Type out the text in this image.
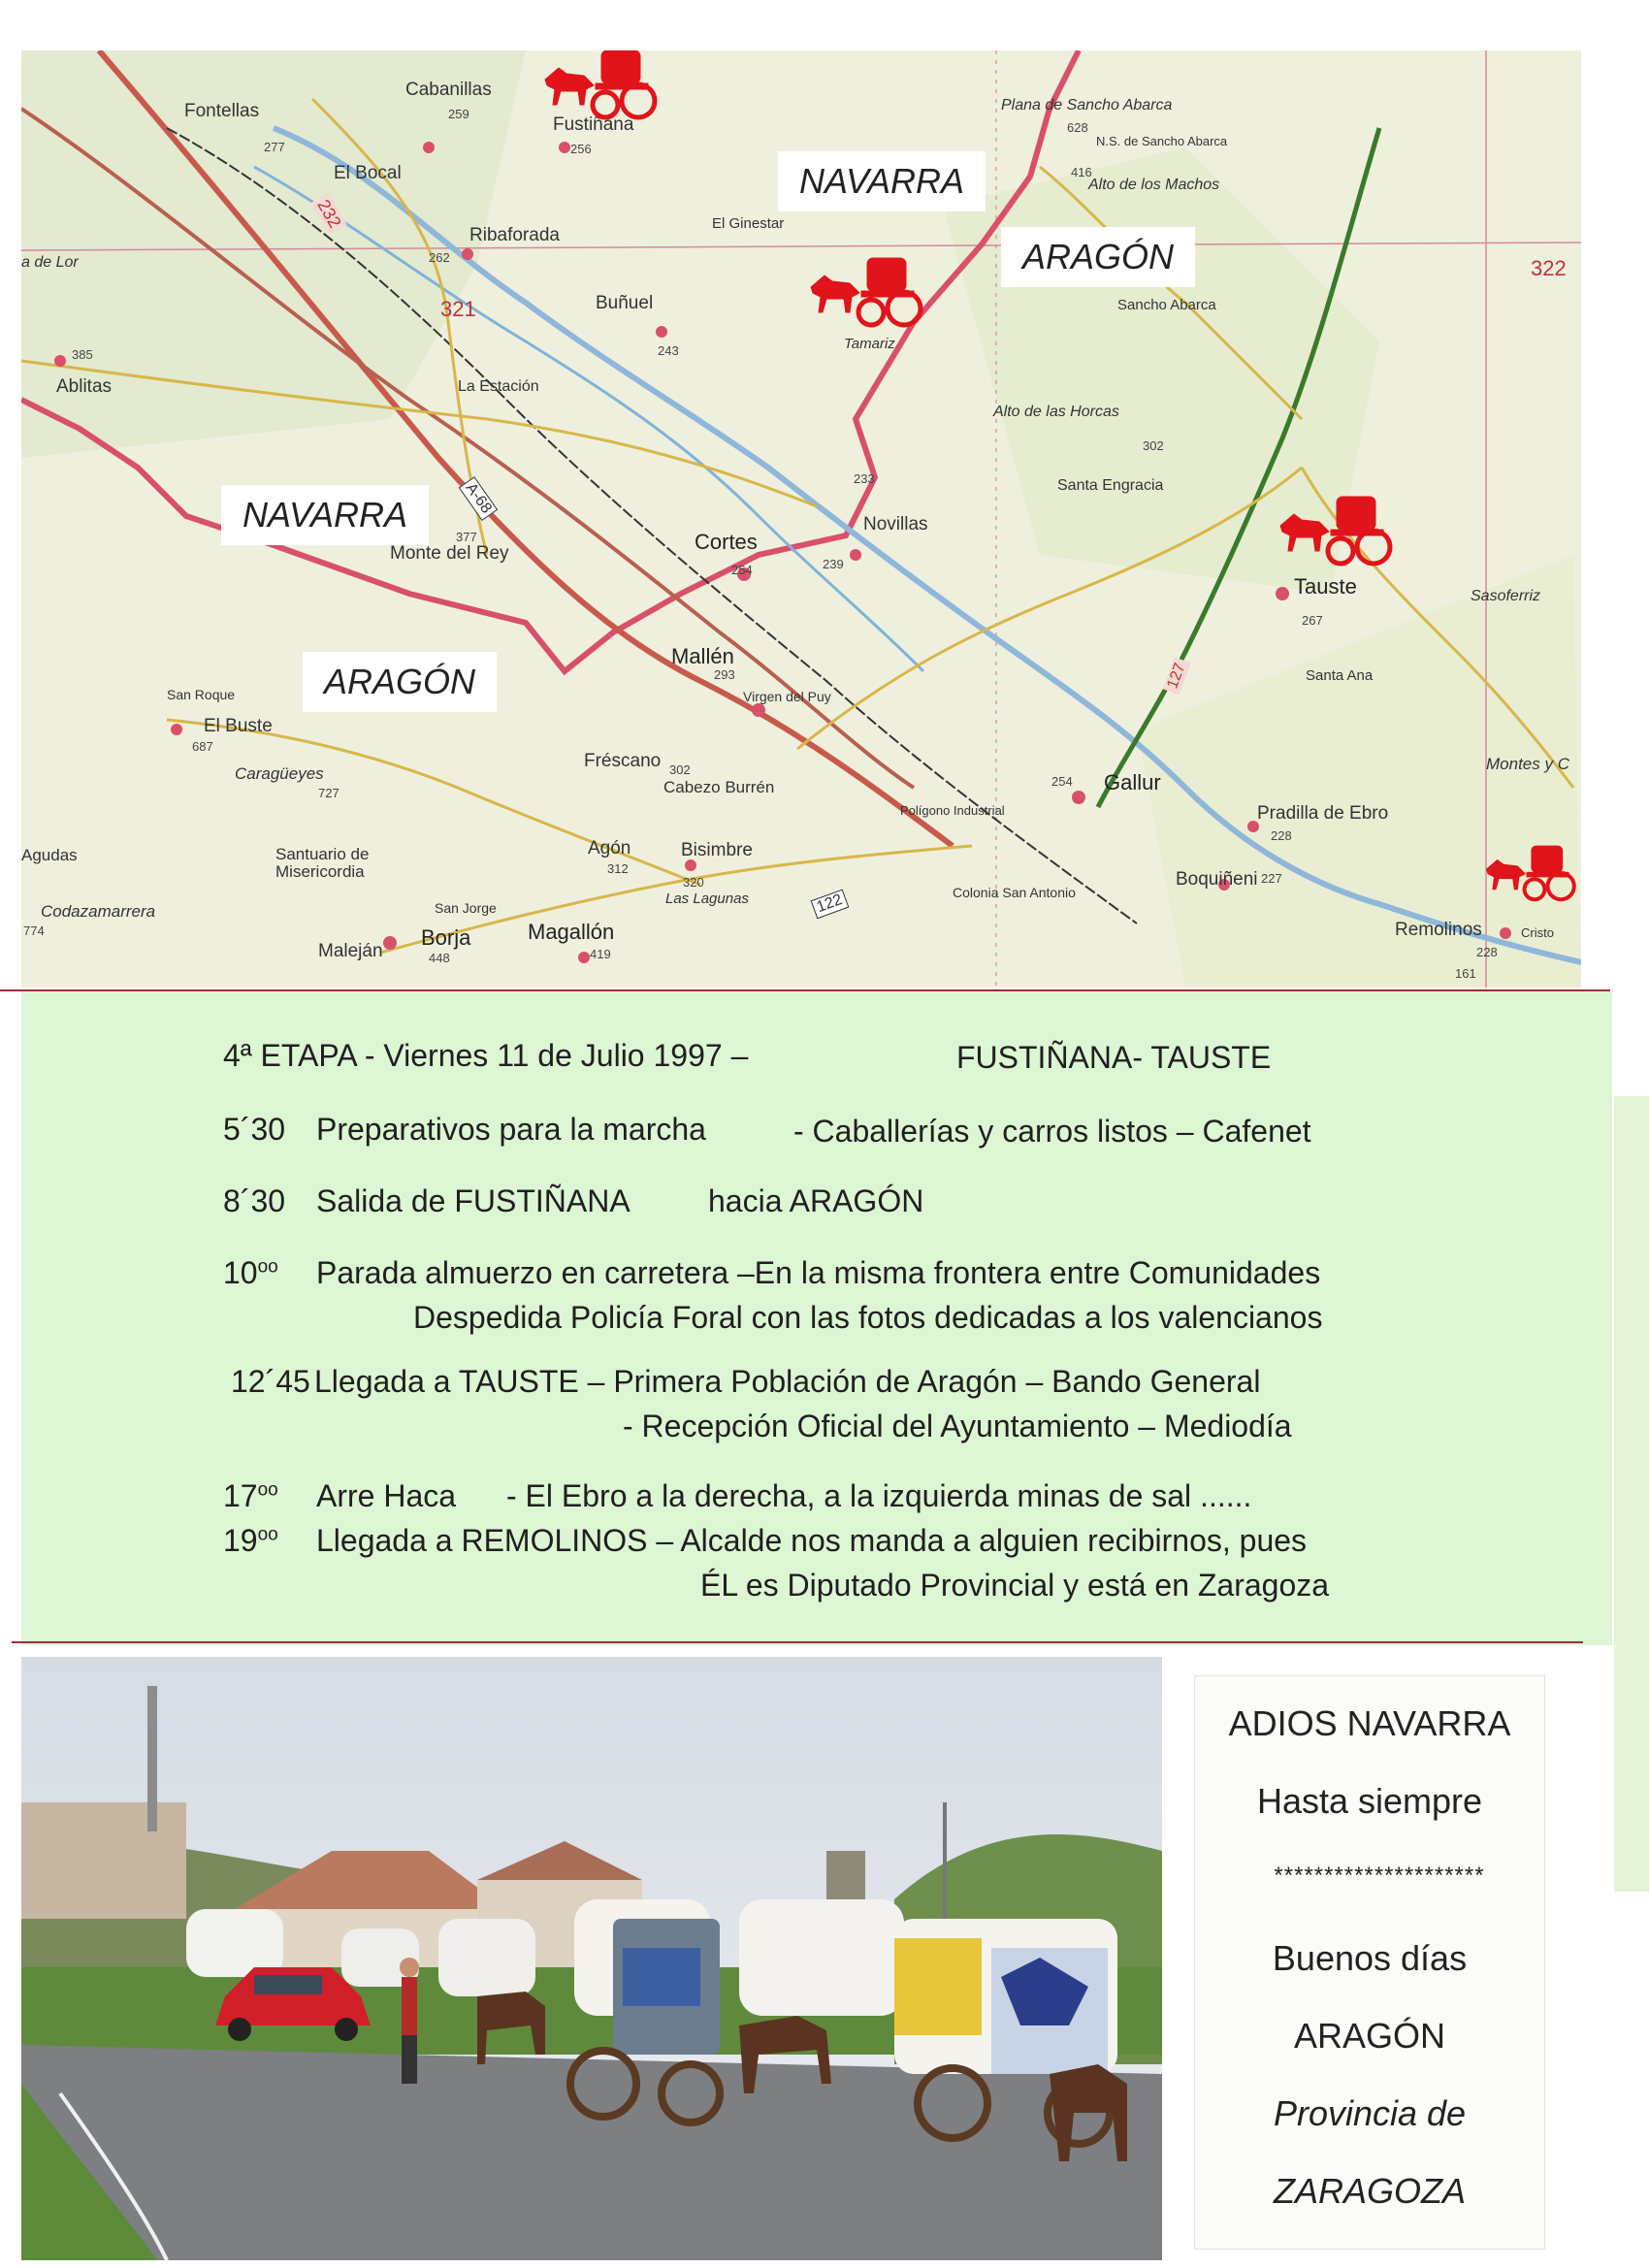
NAVARRA
ARAGÓN
NAVARRA
ARAGÓN
Cabanillas
259
Fontellas
277
Fustiñana
256
El Bocal
Ribaforada
262
El Ginestar
Buñuel
243	Tamariz
Ablitas
385
La Estación
Plana de Sancho Abarca
N.S. de Sancho Abarca
628
Alto de los Machos
416
Sancho Abarca
Alto de las Horcas
302
Santa Engracia
Cortes
254
Novillas
239
Monte del Rey
377
Tauste
267
Sasoferriz
Santa Ana
Mallén
293
Virgen del Puy
San Roque
El Buste
687
Caragüeyes
727
Fréscano
Cabezo Burrén
302
Gallur
254
Polígono Industrial
Montes y C
Pradilla de Ebro
228
Agudas	Santuario de Misericordia
Agón
312
Bisimbre
320
Colonia San Antonio
Boquiñeni 227
Codazamarrera
774
San Jorge
Remolinos
228
Maleján
Borja
448
Magallón
419
Cristo
a de Lor
Las Lagunas
232
321
322
A-68
233
127
122
161
4ª ETAPA - Viernes 11 de Julio 1997 –	FUSTIÑANA- TAUSTE
5´30 Preparativos para la marcha	- Caballerías y carros listos – Cafenet
8´30 Salida de FUSTIÑANA	hacia ARAGÓN
$10^{oo}$ Parada almuerzo en carretera –En la misma frontera entre Comunidades
Despedida Policía Foral con las fotos dedicadas a los valencianos
12´45 Llegada a TAUSTE – Primera Población de Aragón – Bando General
- Recepción Oficial del Ayuntamiento – Mediodía
$17^{oo}$ Arre Haca - El Ebro a la derecha, a la izquierda minas de sal ......
$19^{oo}$ Llegada a REMOLINOS – Alcalde nos manda a alguien recibirnos, pues
ÉL es Diputado Provincial y está en Zaragoza
ADIOS NAVARRA
Hasta siempre
*********************
Buenos días
ARAGÓN
Provincia de
ZARAGOZA
